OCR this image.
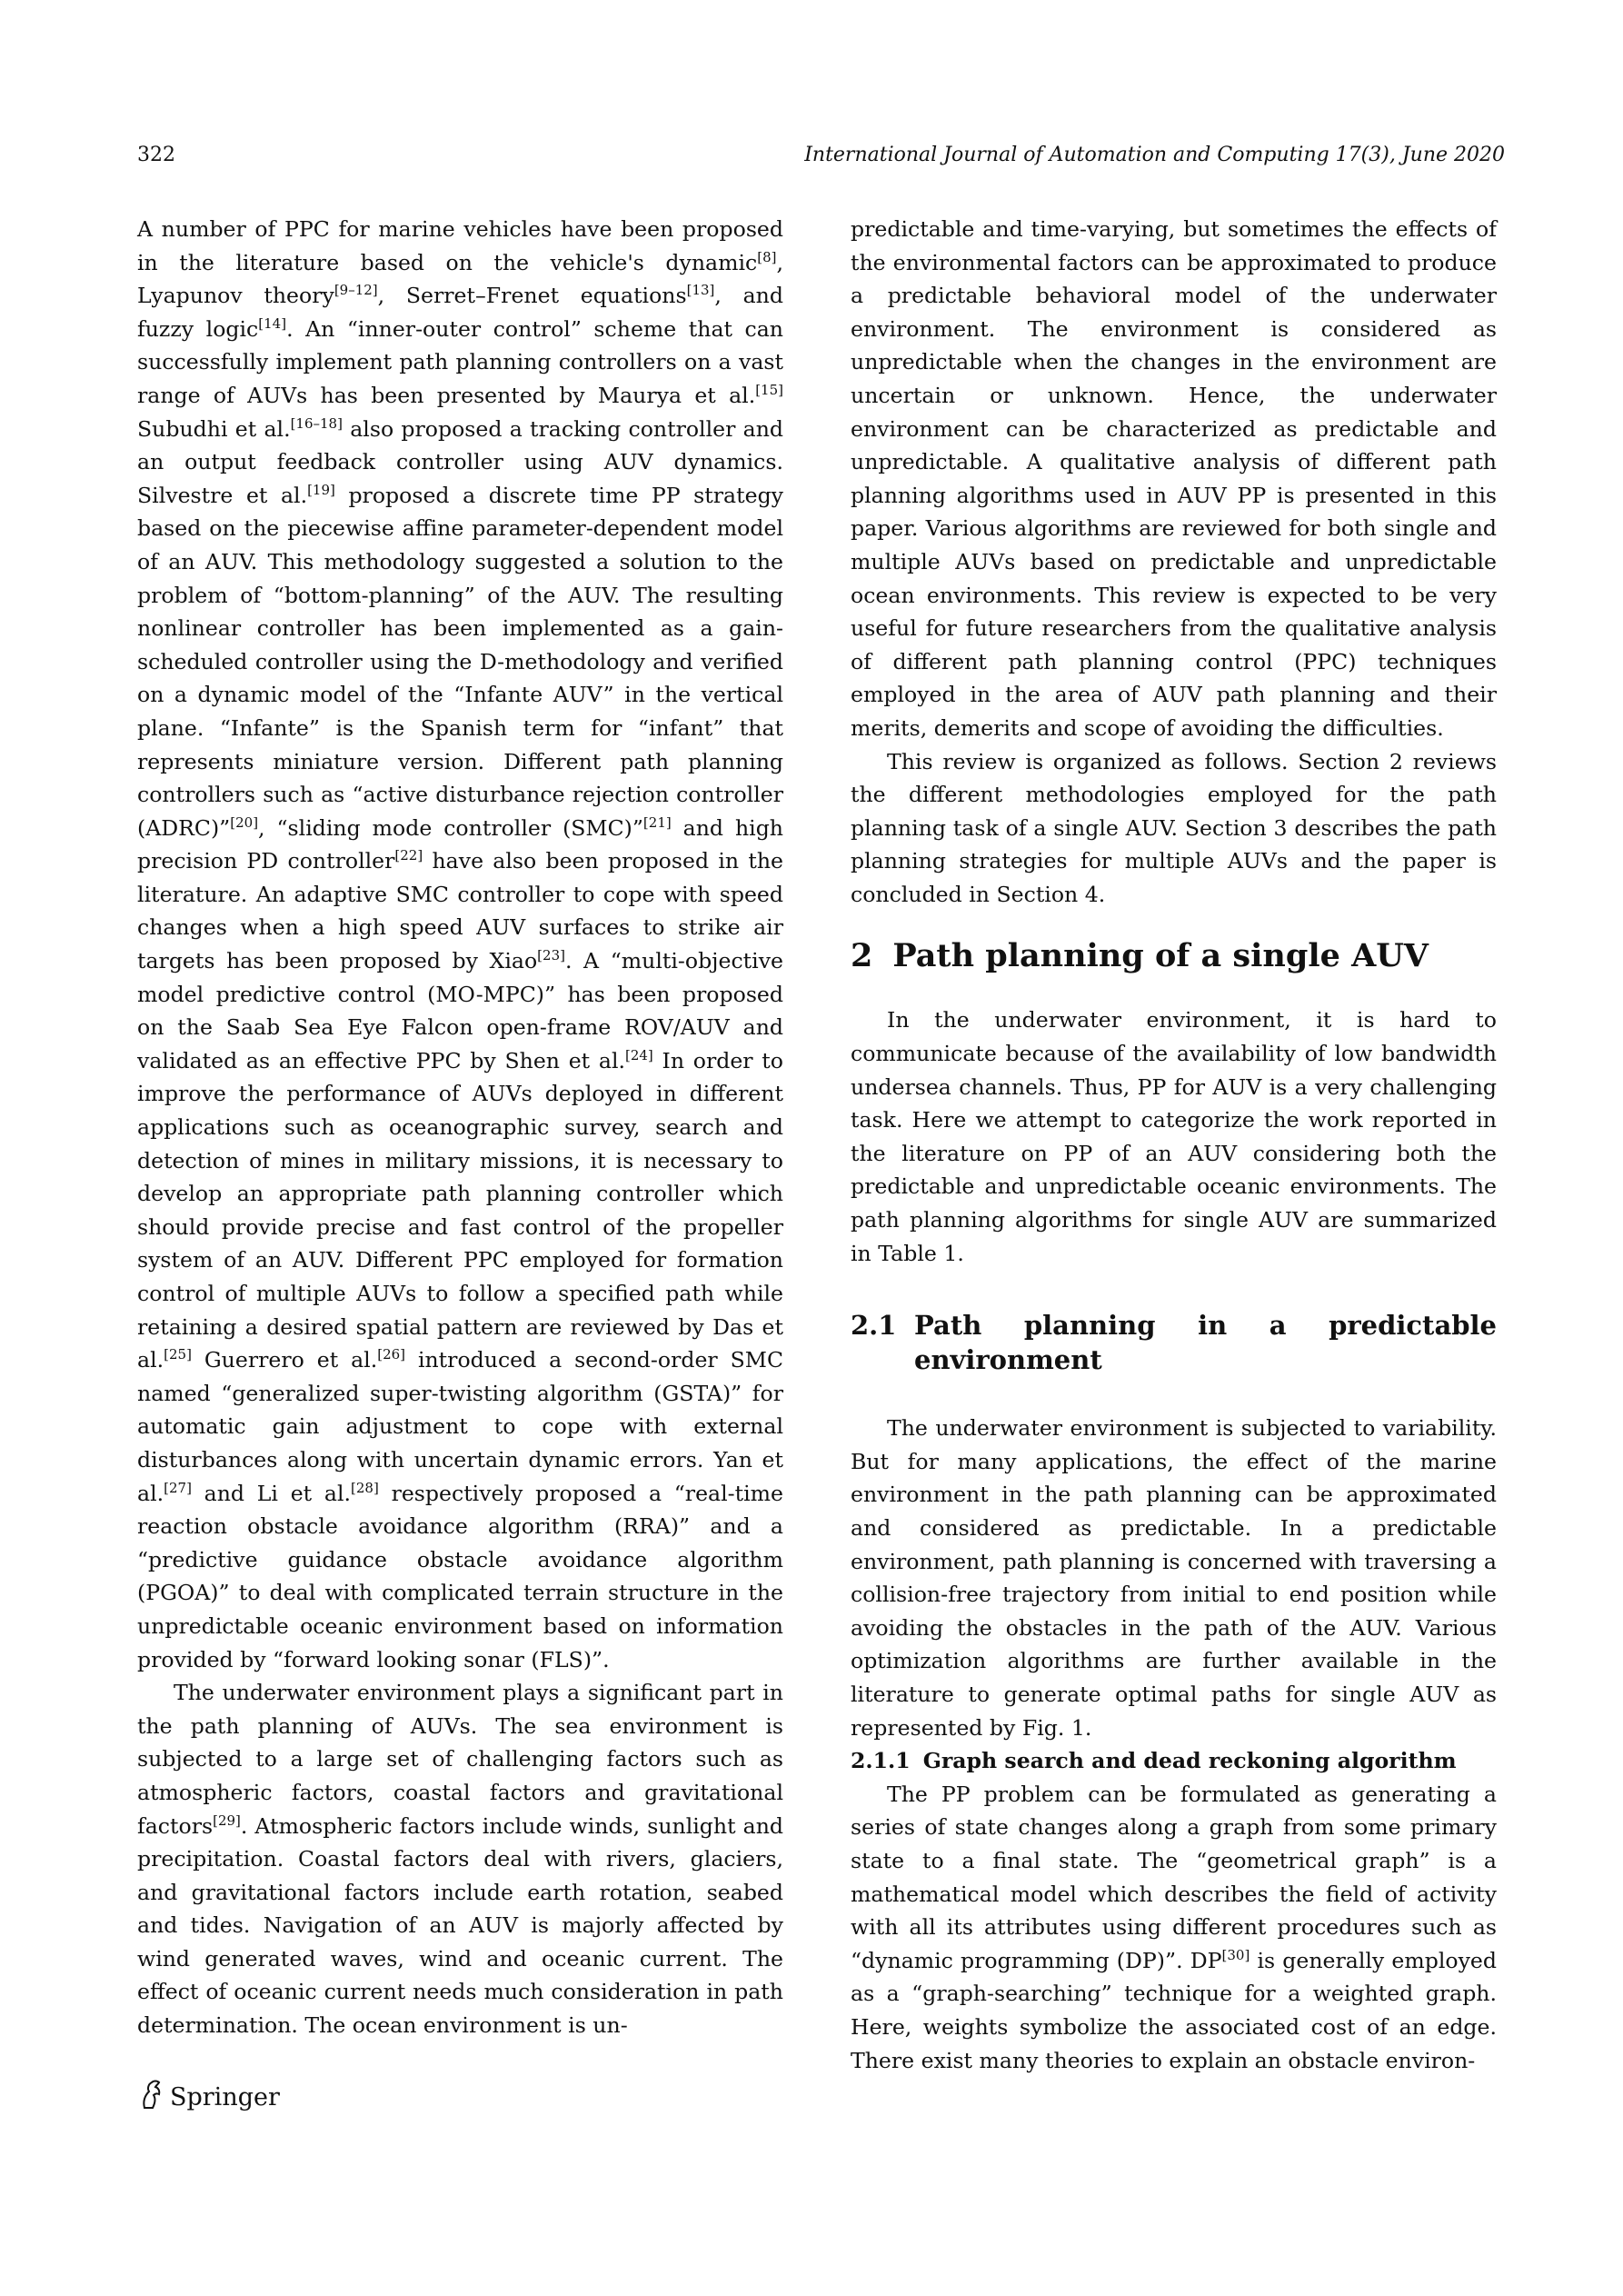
322	International Journal of Automation and Computing 17(3), June 2020

A number of PPC for marine vehicles have been proposed in the literature based on the vehicle's dynamic[8], Lyapunov theory[9–12], Serret–Frenet equations[13], and fuzzy logic[14]. An “inner-outer control” scheme that can successfully implement path planning controllers on a vast range of AUVs has been presented by Maurya et al.[15] Subudhi et al.[16–18] also proposed a tracking controller and an output feedback controller using AUV dynamics. Silvestre et al.[19] proposed a discrete time PP strategy based on the piecewise affine parameter-dependent model of an AUV. This methodology suggested a solution to the problem of “bottom-planning” of the AUV. The resulting nonlinear controller has been implemented as a gain-scheduled controller using the D-methodology and verified on a dynamic model of the “Infante AUV” in the vertical plane. “Infante” is the Spanish term for “infant” that represents miniature version. Different path planning controllers such as “active disturbance rejection controller (ADRC)”[20], “sliding mode controller (SMC)”[21] and high precision PD controller[22] have also been proposed in the literature. An adaptive SMC controller to cope with speed changes when a high speed AUV surfaces to strike air targets has been proposed by Xiao[23]. A “multi-objective model predictive control (MO-MPC)” has been proposed on the Saab Sea Eye Falcon open-frame ROV/AUV and validated as an effective PPC by Shen et al.[24] In order to improve the performance of AUVs deployed in different applications such as oceanographic survey, search and detection of mines in military missions, it is necessary to develop an appropriate path planning controller which should provide precise and fast control of the propeller system of an AUV. Different PPC employed for formation control of multiple AUVs to follow a specified path while retaining a desired spatial pattern are reviewed by Das et al.[25] Guerrero et al.[26] introduced a second-order SMC named “generalized super-twisting algorithm (GSTA)” for automatic gain adjustment to cope with external disturbances along with uncertain dynamic errors. Yan et al.[27] and Li et al.[28] respectively proposed a “real-time reaction obstacle avoidance algorithm (RRA)” and a “predictive guidance obstacle avoidance algorithm (PGOA)” to deal with complicated terrain structure in the unpredictable oceanic environment based on information provided by “forward looking sonar (FLS)”.

The underwater environment plays a significant part in the path planning of AUVs. The sea environment is subjected to a large set of challenging factors such as atmospheric factors, coastal factors and gravitational factors[29]. Atmospheric factors include winds, sunlight and precipitation. Coastal factors deal with rivers, glaciers, and gravitational factors include earth rotation, seabed and tides. Navigation of an AUV is majorly affected by wind generated waves, wind and oceanic current. The effect of oceanic current needs much consideration in path determination. The ocean environment is un-

predictable and time-varying, but sometimes the effects of the environmental factors can be approximated to produce a predictable behavioral model of the underwater environment. The environment is considered as unpredictable when the changes in the environment are uncertain or unknown. Hence, the underwater environment can be characterized as predictable and unpredictable. A qualitative analysis of different path planning algorithms used in AUV PP is presented in this paper. Various algorithms are reviewed for both single and multiple AUVs based on predictable and unpredictable ocean environments. This review is expected to be very useful for future researchers from the qualitative analysis of different path planning control (PPC) techniques employed in the area of AUV path planning and their merits, demerits and scope of avoiding the difficulties.

This review is organized as follows. Section 2 reviews the different methodologies employed for the path planning task of a single AUV. Section 3 describes the path planning strategies for multiple AUVs and the paper is concluded in Section 4.

2 Path planning of a single AUV

In the underwater environment, it is hard to communicate because of the availability of low bandwidth undersea channels. Thus, PP for AUV is a very challenging task. Here we attempt to categorize the work reported in the literature on PP of an AUV considering both the predictable and unpredictable oceanic environments. The path planning algorithms for single AUV are summarized in Table 1.

2.1 Path planning in a predictable environment

The underwater environment is subjected to variability. But for many applications, the effect of the marine environment in the path planning can be approximated and considered as predictable. In a predictable environment, path planning is concerned with traversing a collision-free trajectory from initial to end position while avoiding the obstacles in the path of the AUV. Various optimization algorithms are further available in the literature to generate optimal paths for single AUV as represented by Fig. 1.

2.1.1 Graph search and dead reckoning algorithm

The PP problem can be formulated as generating a series of state changes along a graph from some primary state to a final state. The “geometrical graph” is a mathematical model which describes the field of activity with all its attributes using different procedures such as “dynamic programming (DP)”. DP[30] is generally employed as a “graph-searching” technique for a weighted graph. Here, weights symbolize the associated cost of an edge. There exist many theories to explain an obstacle environ-

Springer
